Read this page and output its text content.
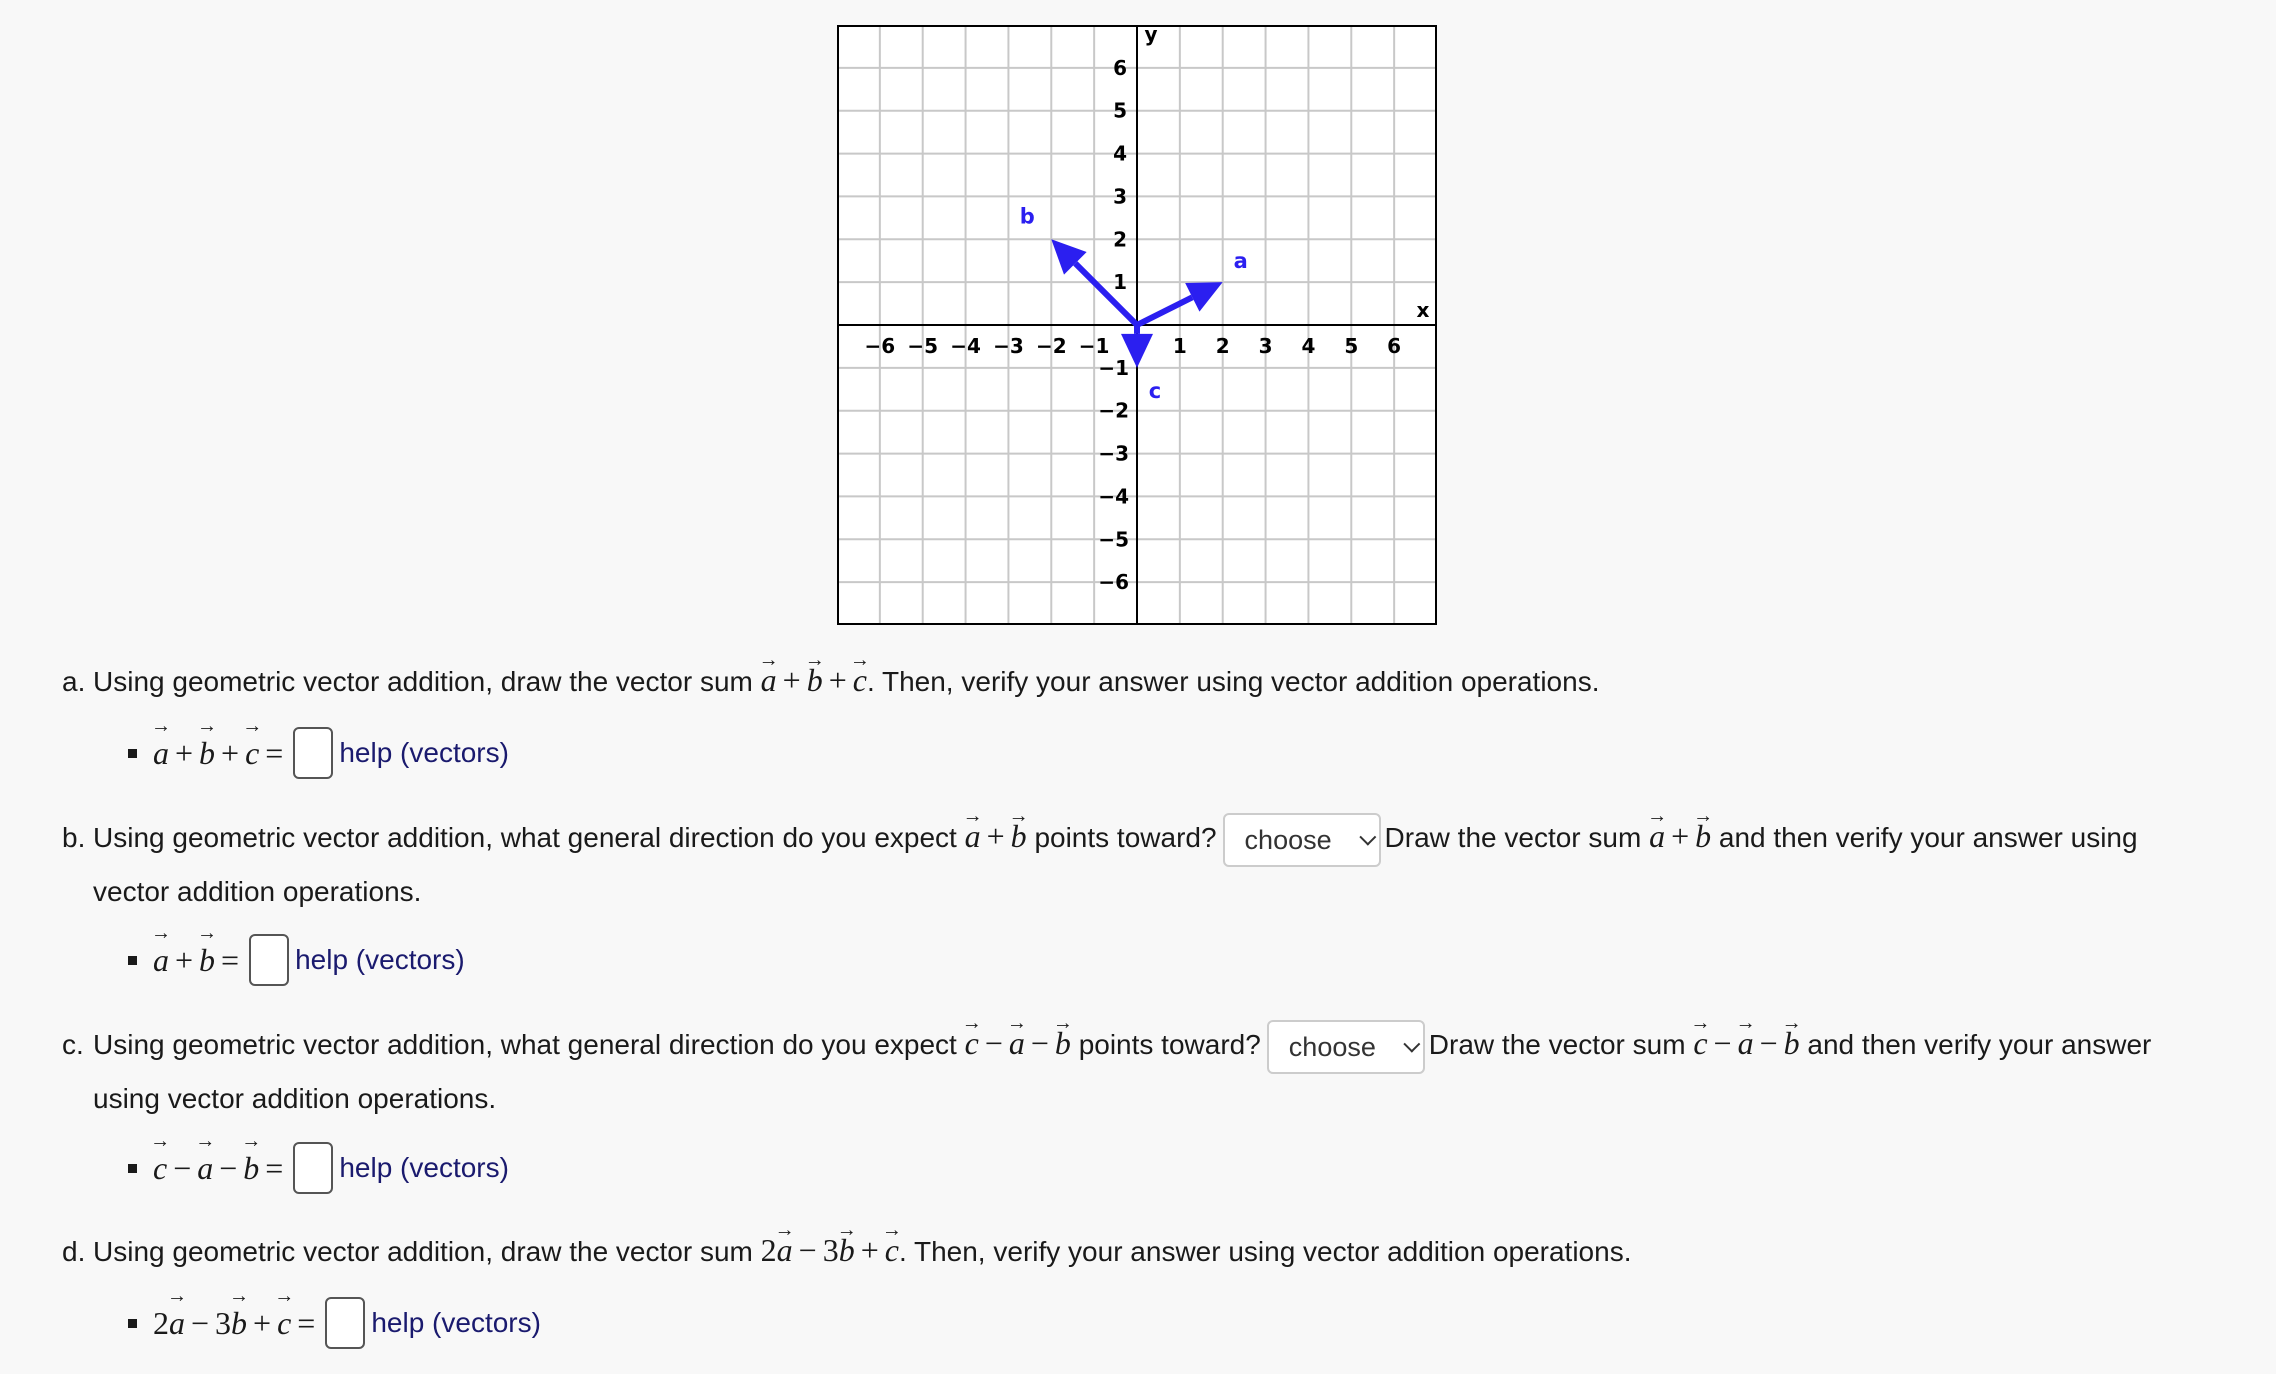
−6 −5 −4 −3 −2 −1	1 2 3 4 5 6
6
5
4
3
2
1
−1
−2
−3
−4
−5
−6
x
y
a
b
c
a. Using geometric vector addition, draw the vector sum a → + b → + c →. Then, verify your answer using vector addition operations.
a → + b → + c → = help (vectors)
b. Using geometric vector addition, what general direction do you expect a → + b → points toward? choose Draw the vector sum a → + b → and then verify your answer using
vector addition operations.
a → + b → = help (vectors)
c. Using geometric vector addition, what general direction do you expect c → − a → − b → points toward? choose Draw the vector sum c → − a → − b → and then verify your answer
using vector addition operations.
c → − a → − b → = help (vectors)
d. Using geometric vector addition, draw the vector sum 2a → − 3b → + c →. Then, verify your answer using vector addition operations.
2a → − 3b → + c → = help (vectors)
